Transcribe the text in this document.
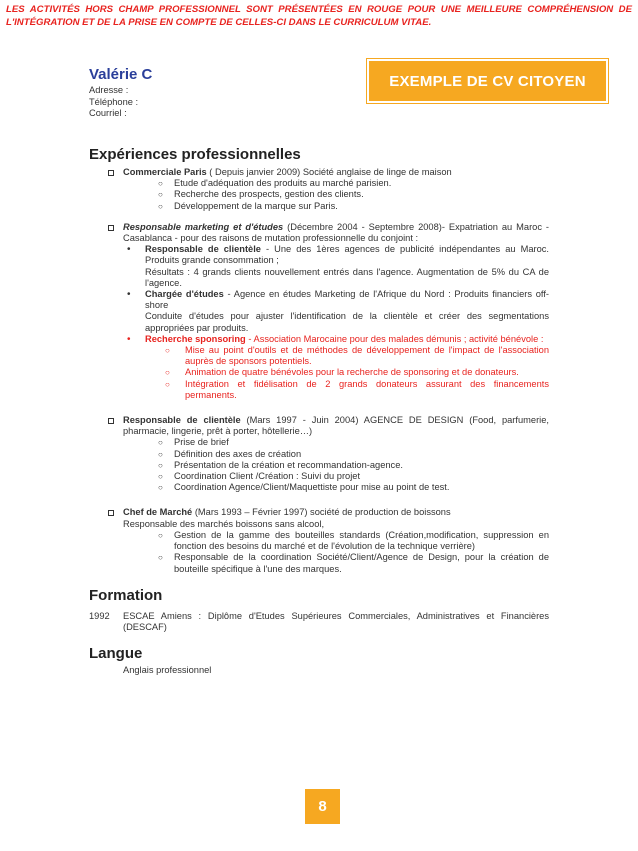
LES ACTIVITÉS HORS CHAMP PROFESSIONNEL SONT PRÉSENTÉES EN ROUGE POUR UNE MEILLEURE COMPRÉHENSION DE L'INTÉGRATION ET DE LA PRISE EN COMPTE DE CELLES-CI DANS LE CURRICULUM VITAE.
EXEMPLE DE CV CITOYEN
Valérie C
Adresse :
Téléphone :
Courriel :
Expériences professionnelles
Commerciale Paris ( Depuis janvier 2009) Société anglaise de linge de maison
○ Etude d'adéquation des produits au marché parisien.
○ Recherche des prospects, gestion des clients.
○ Développement de la marque sur Paris.
Responsable marketing et d'études (Décembre 2004 - Septembre 2008)- Expatriation au Maroc - Casablanca - pour des raisons de mutation professionnelle du conjoint :
• Responsable de clientèle - Une des 1ères agences de publicité indépendantes au Maroc. Produits grande consommation ;
Résultats : 4 grands clients nouvellement entrés dans l'agence. Augmentation de 5% du CA de l'agence.
• Chargée d'études - Agence en études Marketing de l'Afrique du Nord : Produits financiers off-shore
Conduite d'études pour ajuster l'identification de la clientèle et créer des segmentations appropriées par produits.
• Recherche sponsoring - Association Marocaine pour des malades démunis ; activité bénévole :
○ Mise au point d'outils et de méthodes de développement de l'impact de l'association auprès de sponsors potentiels.
○ Animation de quatre bénévoles pour la recherche de sponsoring et de donateurs.
○ Intégration et fidélisation de 2 grands donateurs assurant des financements permanents.
Responsable de clientèle (Mars 1997 - Juin 2004) AGENCE DE DESIGN (Food, parfumerie, pharmacie, lingerie, prêt à porter, hôtellerie…)
○ Prise de brief
○ Définition des axes de création
○ Présentation de la création et recommandation-agence.
○ Coordination Client /Création : Suivi du projet
○ Coordination Agence/Client/Maquettiste pour mise au point de test.
Chef de Marché (Mars 1993 – Février 1997) société de production de boissons
Responsable des marchés boissons sans alcool,
○ Gestion de la gamme des bouteilles standards (Création,modification, suppression en fonction des besoins du marché et de l'évolution de la technique verrière)
○ Responsable de la coordination Société/Client/Agence de Design, pour la création de bouteille spécifique à l'une des marques.
Formation
1992	ESCAE Amiens : Diplôme d'Etudes Supérieures Commerciales, Administratives et Financières (DESCAF)
Langue
Anglais professionnel
8
